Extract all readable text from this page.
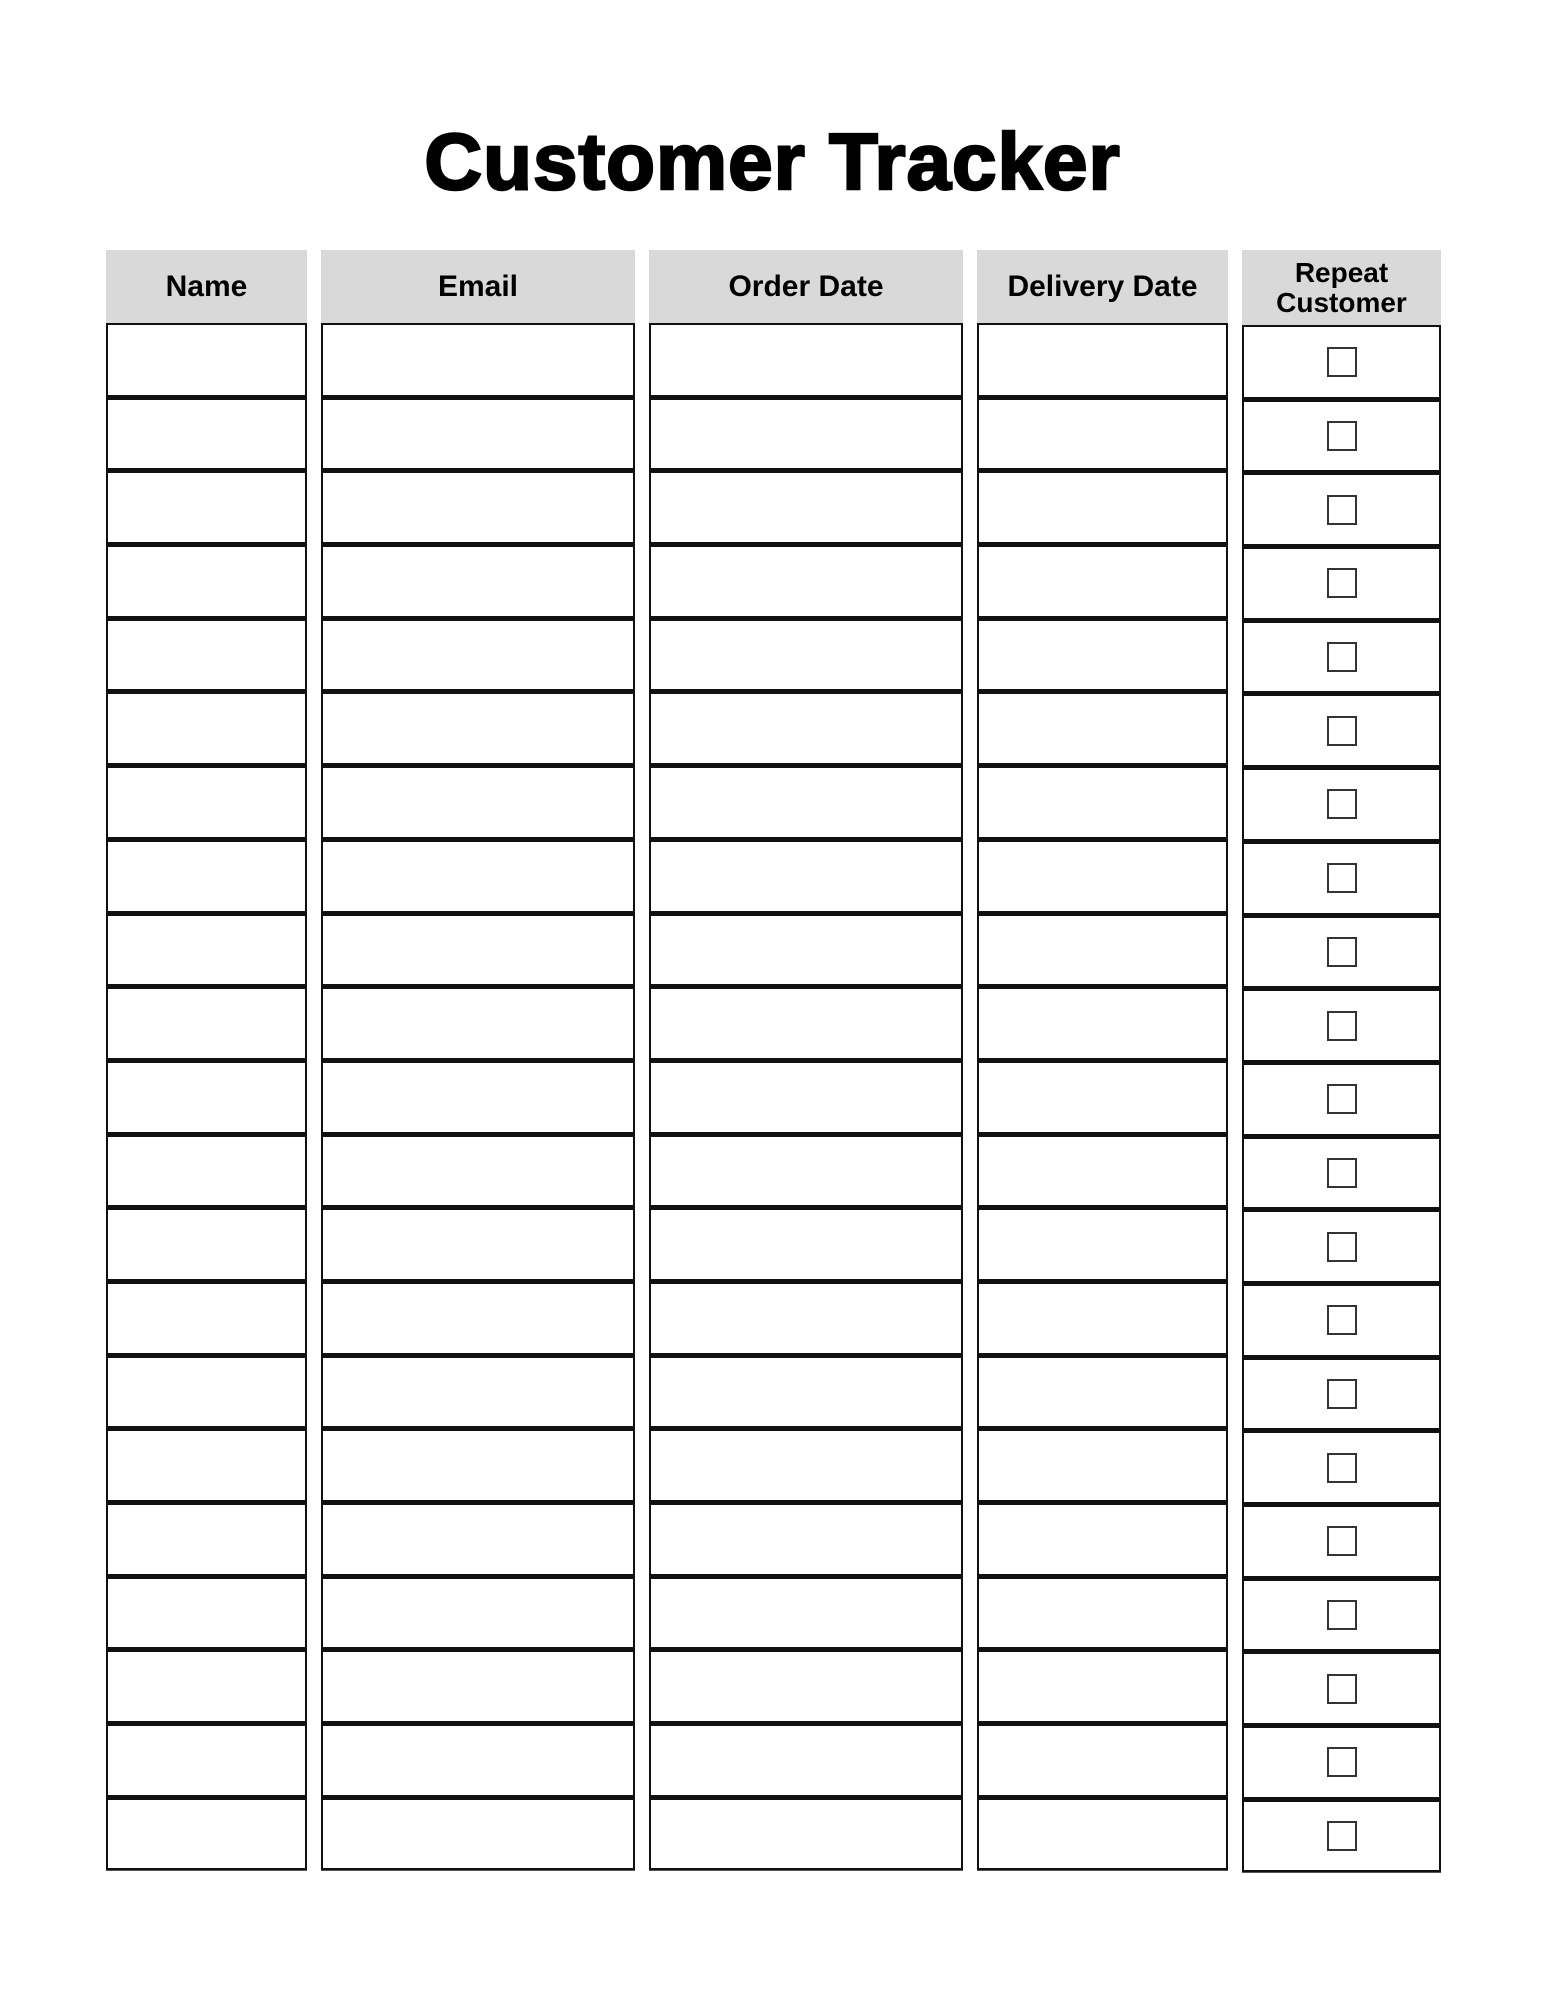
Customer Tracker
Name	Email	Order Date	Delivery Date	Repeat
Customer
